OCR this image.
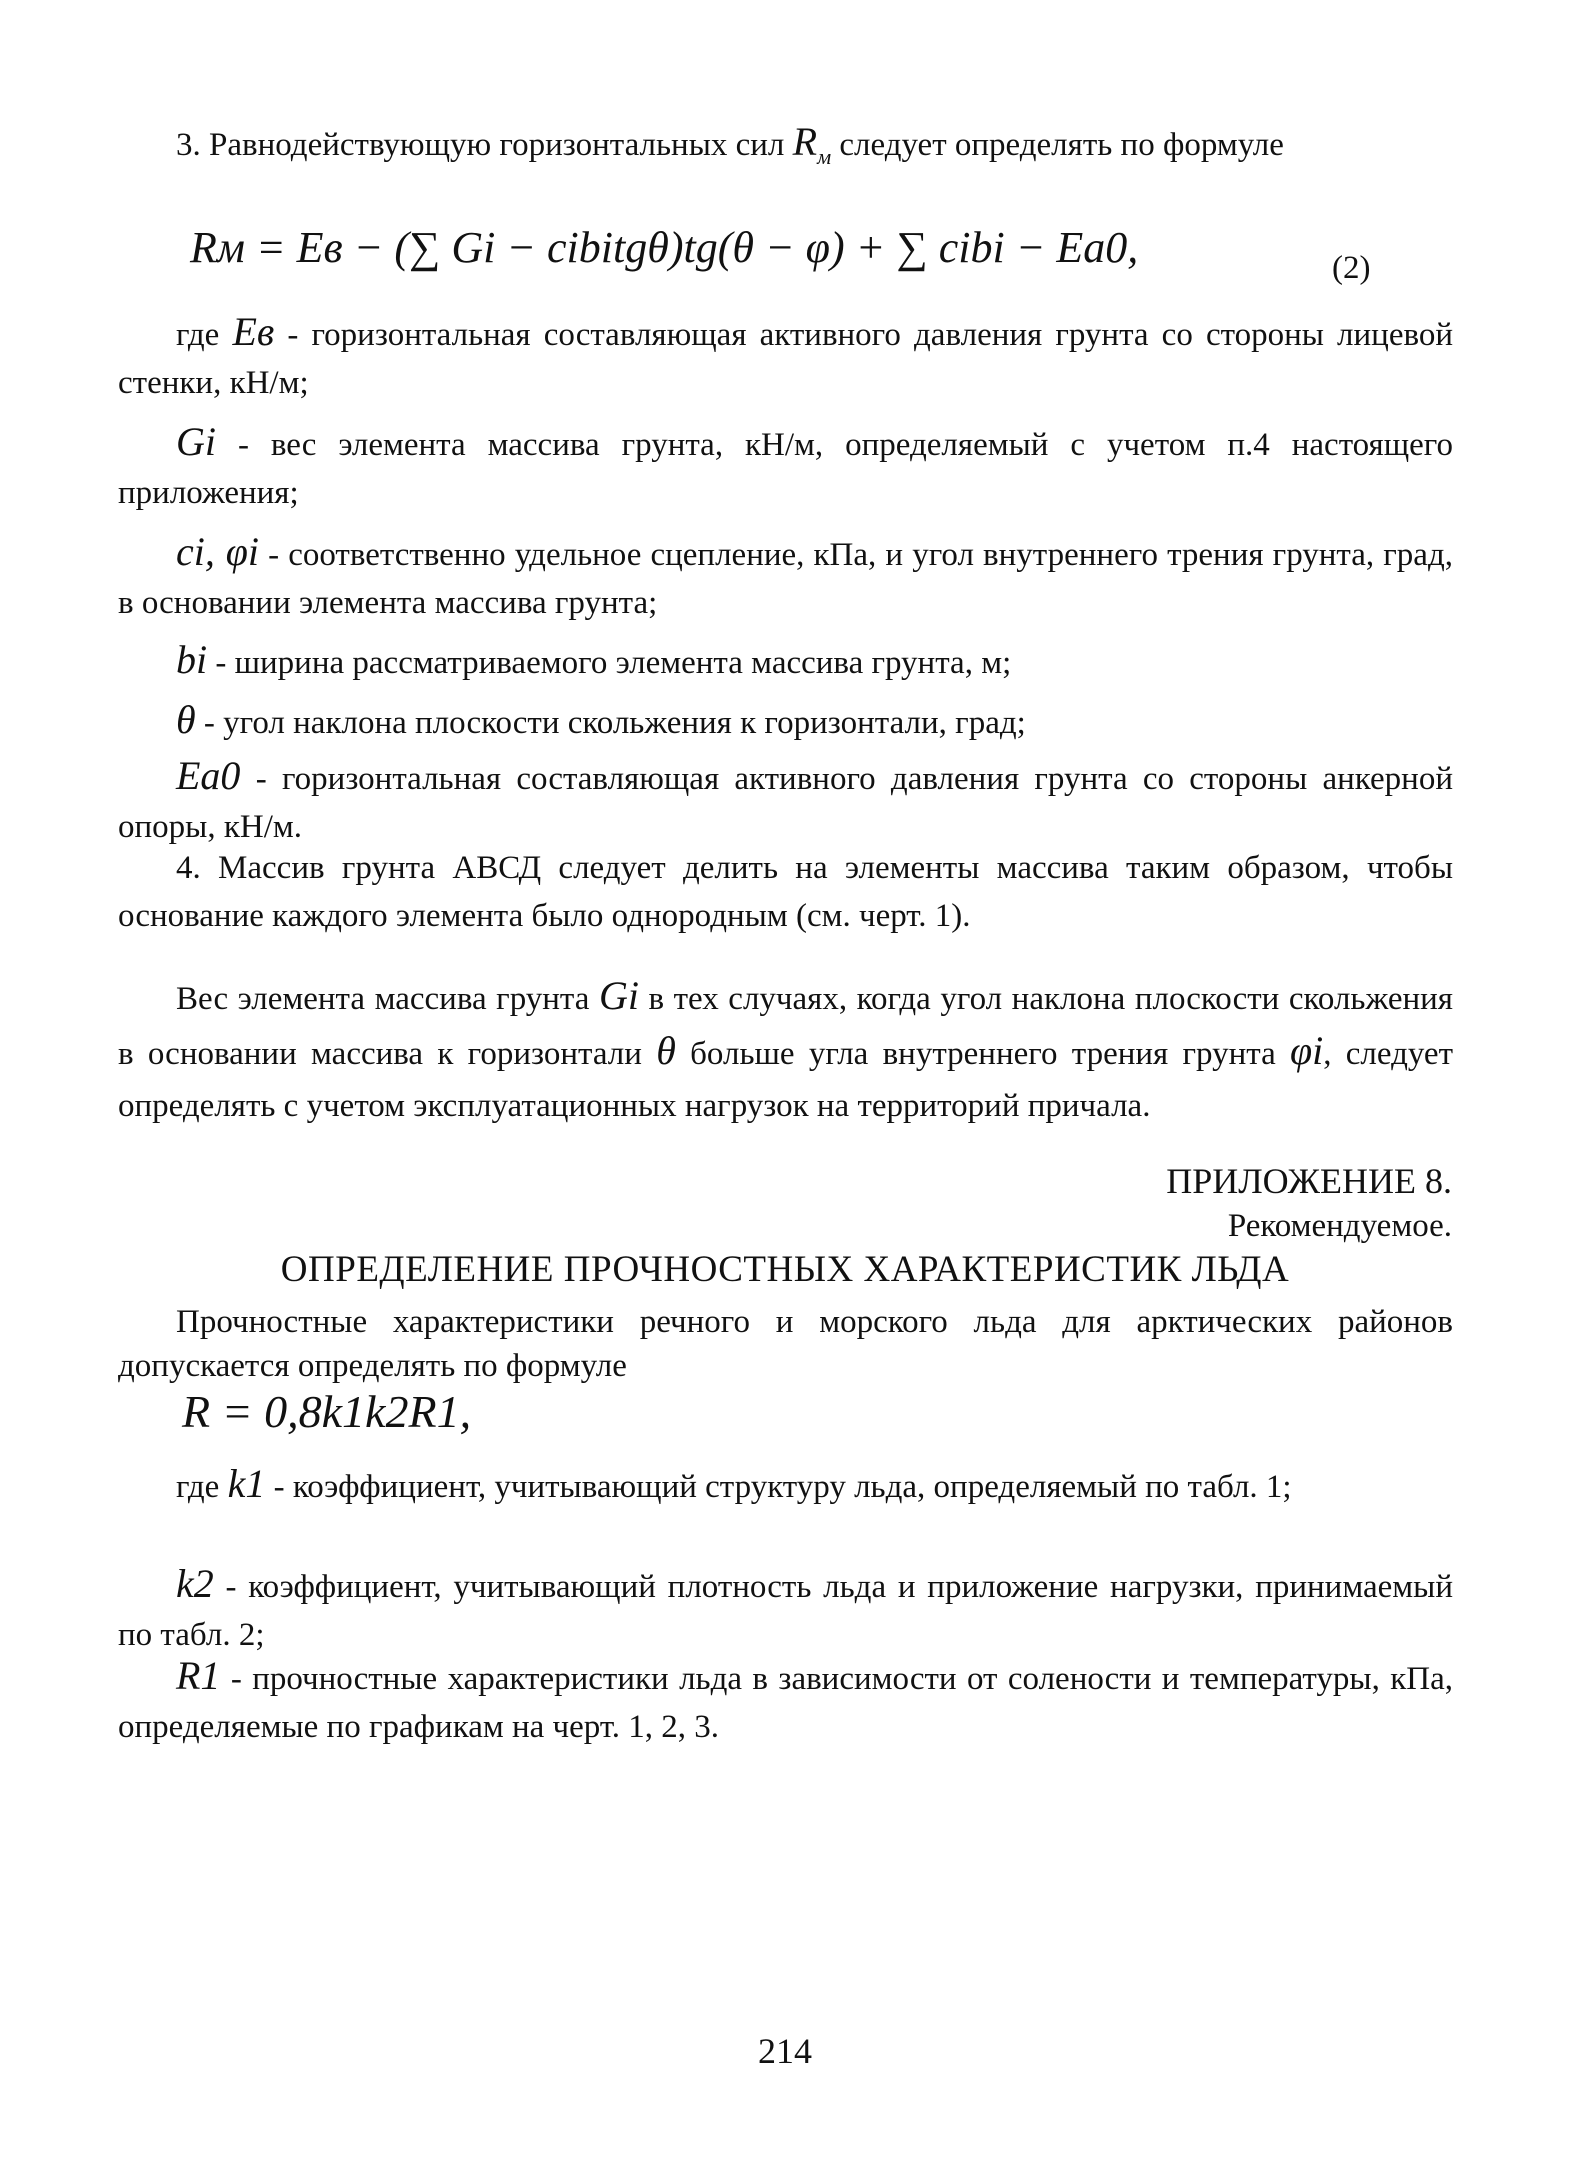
3. Равнодействующую горизонтальных сил $R_м$ следует определять по формуле

Rм = Eв − (∑ Gi − cibitgθ)tg(θ − φ) + ∑ cibi − Eа0,	(2)

где Eв - горизонтальная составляющая активного давления грунта со стороны лицевой стенки, кН/м;

Gi - вес элемента массива грунта, кН/м, определяемый с учетом п.4 настоящего приложения;

ci, φi - соответственно удельное сцепление, кПа, и угол внутреннего трения грунта, град, в основании элемента массива грунта;

bi - ширина рассматриваемого элемента массива грунта, м;

θ - угол наклона плоскости скольжения к горизонтали, град;

Eа0 - горизонтальная составляющая активного давления грунта со стороны анкерной опоры, кН/м.

4. Массив грунта АВСД следует делить на элементы массива таким образом, чтобы основание каждого элемента было однородным (см. черт. 1).

Вес элемента массива грунта Gi в тех случаях, когда угол наклона плоскости скольжения в основании массива к горизонтали θ больше угла внутреннего трения грунта φi, следует определять с учетом эксплуатационных нагрузок на территорий причала.

ПРИЛОЖЕНИЕ 8.
Рекомендуемое.
ОПРЕДЕЛЕНИЕ ПРОЧНОСТНЫХ ХАРАКТЕРИСТИК ЛЬДА

Прочностные характеристики речного и морского льда для арктических районов допускается определять по формуле

R = 0,8k1k2R1,

где k1 - коэффициент, учитывающий структуру льда, определяемый по табл. 1;

k2 - коэффициент, учитывающий плотность льда и приложение нагрузки, принимаемый по табл. 2;

R1 - прочностные характеристики льда в зависимости от солености и температуры, кПа, определяемые по графикам на черт. 1, 2, 3.

214
